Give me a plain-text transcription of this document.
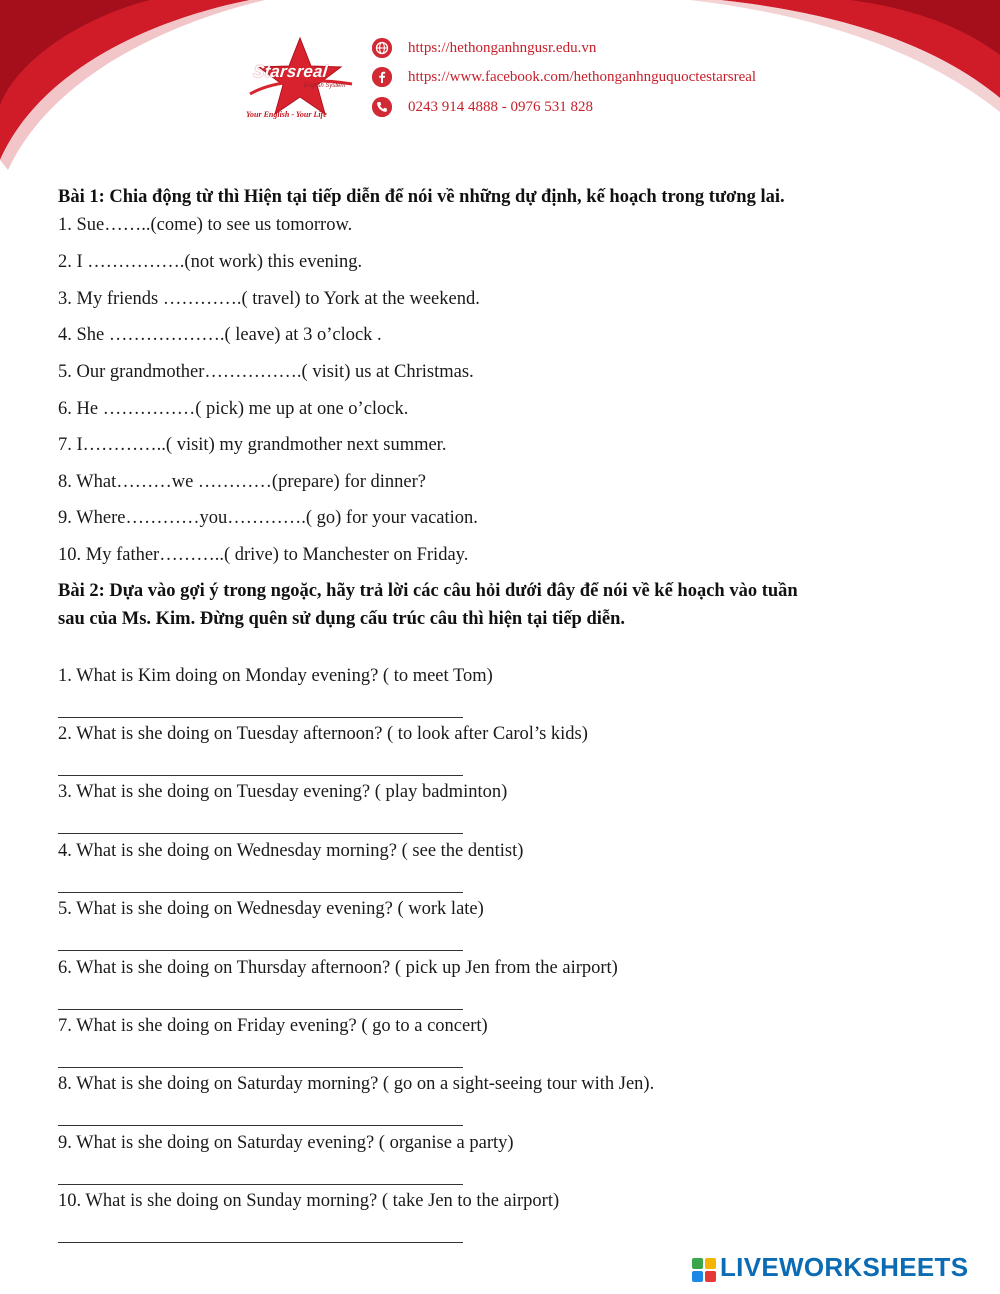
Starsreal
English System
Your English - Your Life
https://hethonganhngusr.edu.vn
https://www.facebook.com/hethonganhnguquoctestarsreal
0243 914 4888 - 0976 531 828
Bài 1: Chia động từ thì Hiện tại tiếp diễn để nói về những dự định, kế hoạch trong tương lai.
1. Sue……..(come) to see us tomorrow.
2. I …………….(not work) this evening.
3. My friends ………….( travel) to York at the weekend.
4. She ……………….( leave) at 3 o’clock .
5. Our grandmother…………….( visit) us at Christmas.
6. He ……………( pick) me up at one o’clock.
7. I…………..( visit) my grandmother next summer.
8. What………we …………(prepare) for dinner?
9. Where…………you………….( go) for your vacation.
10. My father………..( drive) to Manchester on Friday.
Bài 2: Dựa vào gợi ý trong ngoặc, hãy trả lời các câu hỏi dưới đây để nói về kế hoạch vào tuần
sau của Ms. Kim. Đừng quên sử dụng cấu trúc câu thì hiện tại tiếp diễn.
1. What is Kim doing on Monday evening? ( to meet Tom)
2. What is she doing on Tuesday afternoon? ( to look after Carol’s kids)
3. What is she doing on Tuesday evening? ( play badminton)
4. What is she doing on Wednesday morning? ( see the dentist)
5. What is she doing on Wednesday evening? ( work late)
6. What is she doing on Thursday afternoon? ( pick up Jen from the airport)
7. What is she doing on Friday evening? ( go to a concert)
8. What is she doing on Saturday morning? ( go on a sight-seeing tour with Jen).
9. What is she doing on Saturday evening? ( organise a party)
10. What is she doing on Sunday morning? ( take Jen to the airport)
LIVEWORKSHEETS
